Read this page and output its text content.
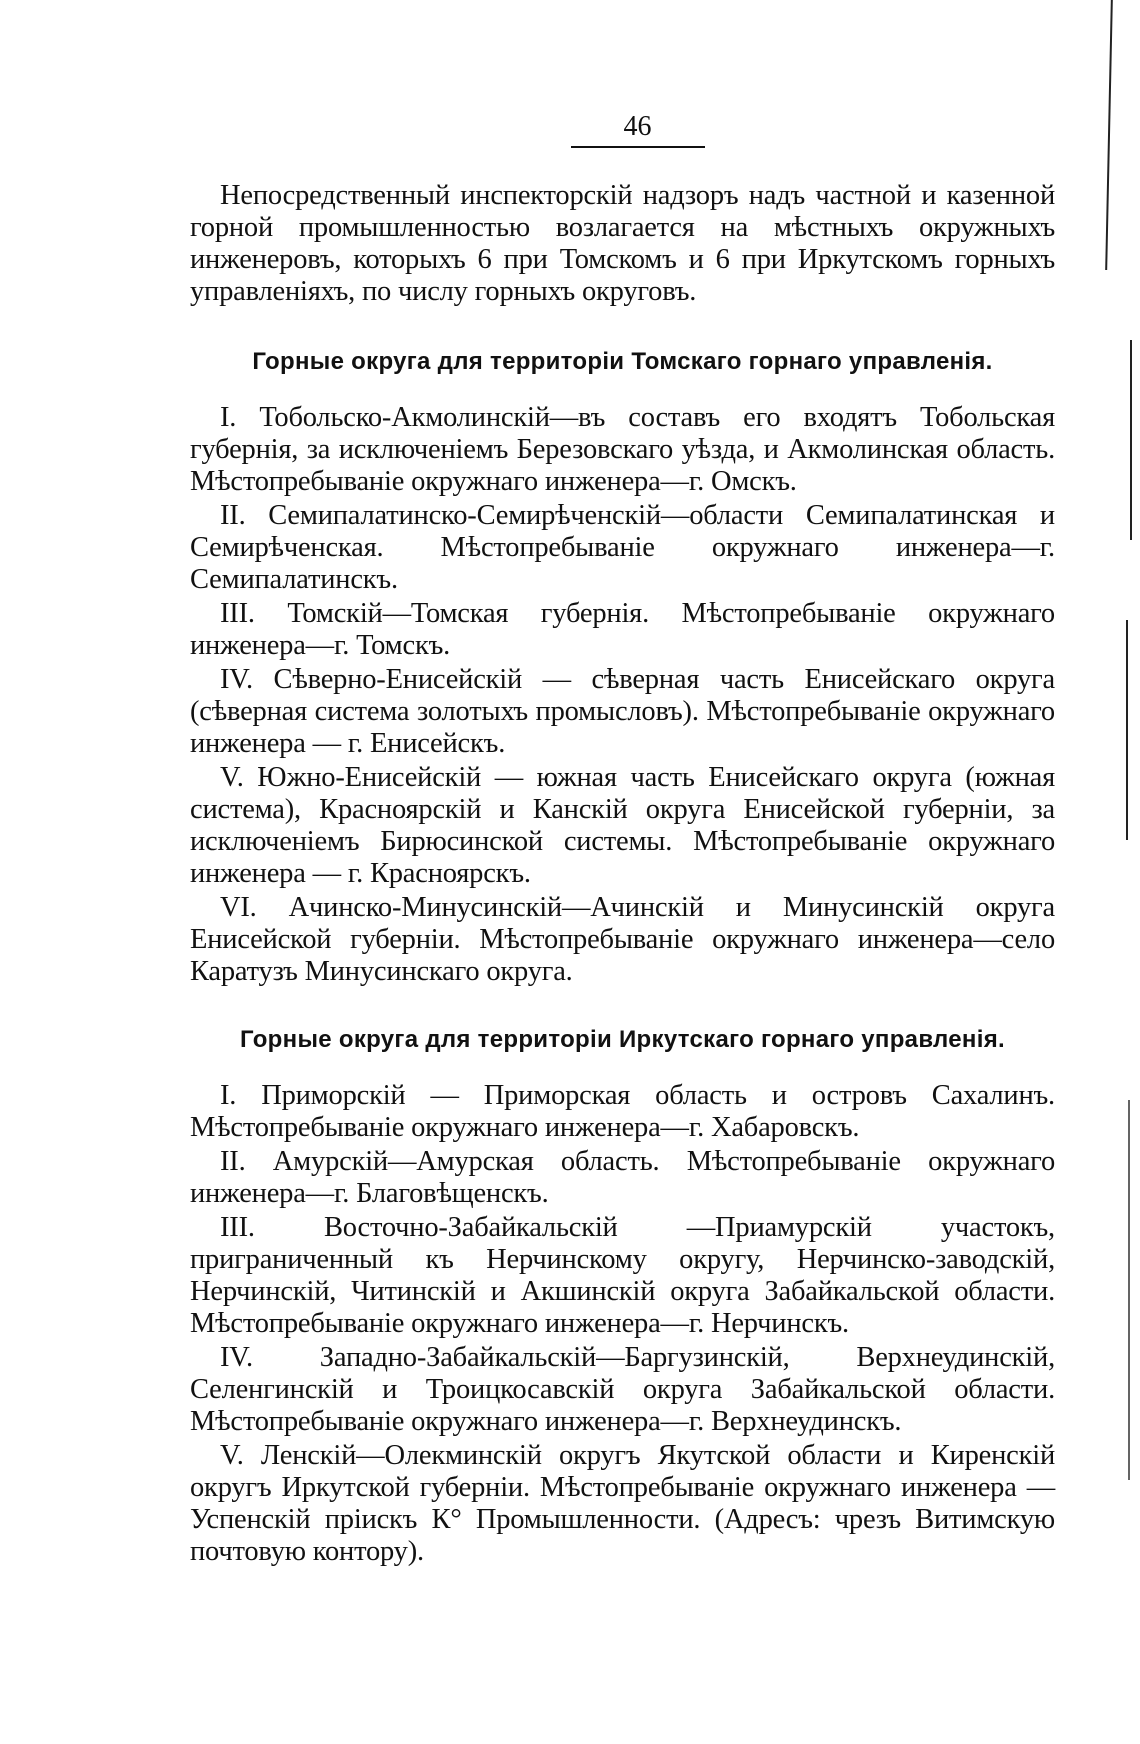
46

Непосредственный инспекторскій надзоръ надъ частной и казенной горной промышленностью возлагается на мѣстныхъ окружныхъ инженеровъ, которыхъ 6 при Томскомъ и 6 при Иркутскомъ горныхъ управленіяхъ, по числу горныхъ округовъ.

Горные округа для территоріи Томскаго горнаго управленія.

I. Тобольско-Акмолинскій—въ составъ его входятъ Тобольская губернія, за исключеніемъ Березовскаго уѣзда, и Акмолинская область. Мѣстопребываніе окружнаго инженера—г. Омскъ.

II. Семипалатинско-Семирѣченскій—области Семипалатинская и Семирѣченская. Мѣстопребываніе окружнаго инженера—г. Семипалатинскъ.

III. Томскій—Томская губернія. Мѣстопребываніе окружнаго инженера—г. Томскъ.

IV. Сѣверно-Енисейскій — сѣверная часть Енисейскаго округа (сѣверная система золотыхъ промысловъ). Мѣстопребываніе окружнаго инженера — г. Енисейскъ.

V. Южно-Енисейскій — южная часть Енисейскаго округа (южная система), Красноярскій и Канскій округа Енисейской губерніи, за исключеніемъ Бирюсинской системы. Мѣстопребываніе окружнаго инженера — г. Красноярскъ.

VI. Ачинско-Минусинскій—Ачинскій и Минусинскій округа Енисейской губерніи. Мѣстопребываніе окружнаго инженера—село Каратузъ Минусинскаго округа.

Горные округа для территоріи Иркутскаго горнаго управленія.

I. Приморскій — Приморская область и островъ Сахалинъ. Мѣстопребываніе окружнаго инженера—г. Хабаровскъ.

II. Амурскій—Амурская область. Мѣстопребываніе окружнаго инженера—г. Благовѣщенскъ.

III. Восточно-Забайкальскій —Приамурскій участокъ, пригpаниченный къ Нерчинскому округу, Нерчинско-заводскій, Нерчинскій, Читинскій и Акшинскій округа Забайкальской области. Мѣстопребываніе окружнаго инженера—г. Нерчинскъ.

IV. Западно-Забайкальскій—Баргузинскій, Верхнеудинскій, Селенгинскій и Троицкосавскій округа Забайкальской области. Мѣстопребываніе окружнаго инженера—г. Верхнеудинскъ.

V. Ленскій—Олекминскій округъ Якутской области и Киренскій округъ Иркутской губерніи. Мѣстопребываніе окружнаго инженера — Успенскій пріискъ К° Промышленности. (Адресъ: чрезъ Витимскую почтовую контору).
